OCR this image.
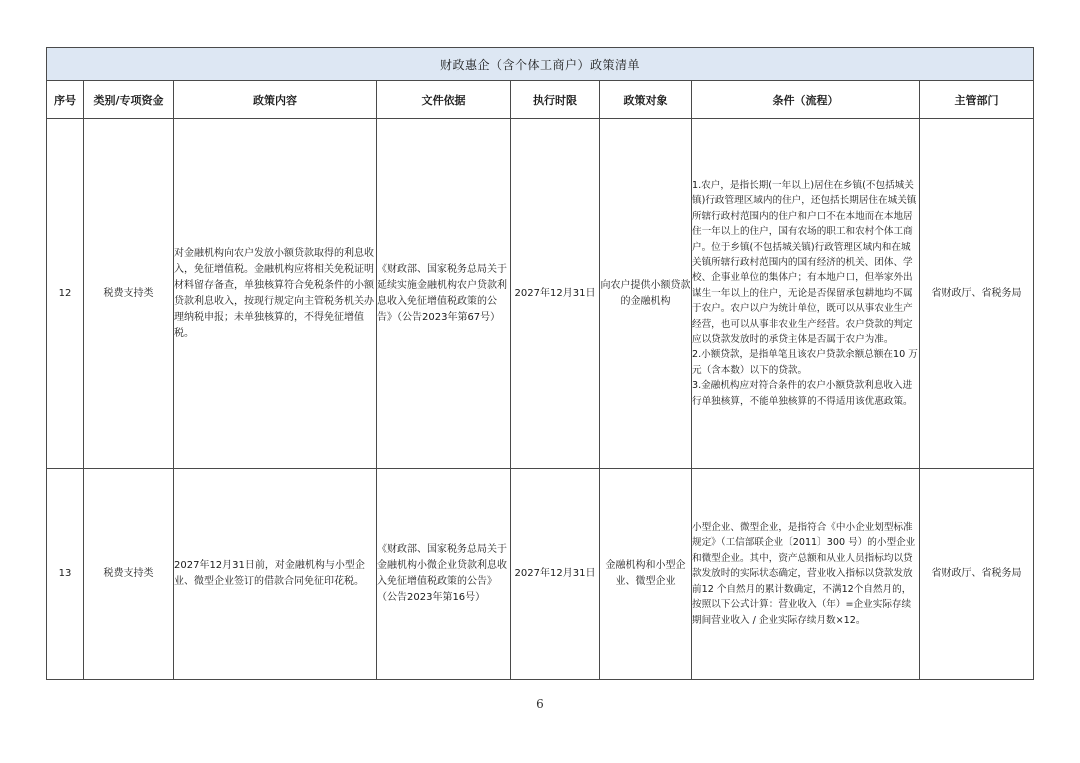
财政惠企（含个体工商户）政策清单							
序号	类别/专项资金	政策内容	文件依据	执行时限	政策对象	条件（流程）	主管部门
12	税费支持类	对金融机构向农户发放小额贷款取得的利息收入，免征增值税。金融机构应将相关免税证明材料留存备查，单独核算符合免税条件的小额贷款利息收入，按现行规定向主管税务机关办理纳税申报；未单独核算的，不得免征增值税。	《财政部、国家税务总局关于延续实施金融机构农户贷款利息收入免征增值税政策的公告》（公告2023年第67号）	2027年12月31日	向农户提供小额贷款的金融机构	1.农户，是指长期(一年以上)居住在乡镇(不包括城关镇)行政管理区域内的住户，还包括长期居住在城关镇所辖行政村范围内的住户和户口不在本地而在本地居住一年以上的住户，国有农场的职工和农村个体工商户。位于乡镇(不包括城关镇)行政管理区域内和在城关镇所辖行政村范围内的国有经济的机关、团体、学校、企事业单位的集体户；有本地户口，但举家外出谋生一年以上的住户，无论是否保留承包耕地均不属于农户。农户以户为统计单位，既可以从事农业生产经营，也可以从事非农业生产经营。农户贷款的判定应以贷款发放时的承贷主体是否属于农户为准。
2.小额贷款，是指单笔且该农户贷款余额总额在10 万元（含本数）以下的贷款。
3.金融机构应对符合条件的农户小额贷款利息收入进行单独核算，不能单独核算的不得适用该优惠政策。	省财政厅、省税务局
13	税费支持类	2027年12月31日前，对金融机构与小型企业、微型企业签订的借款合同免征印花税。	《财政部、国家税务总局关于金融机构小微企业贷款利息收入免征增值税政策的公告》（公告2023年第16号）	2027年12月31日	金融机构和小型企业、微型企业	小型企业、微型企业，是指符合《中小企业划型标准规定》（工信部联企业〔2011〕300 号）的小型企业和微型企业。其中，资产总额和从业人员指标均以贷款发放时的实际状态确定，营业收入指标以贷款发放前12 个自然月的累计数确定，不满12个自然月的，按照以下公式计算：营业收入（年）=企业实际存续期间营业收入 / 企业实际存续月数×12。	省财政厅、省税务局
6
